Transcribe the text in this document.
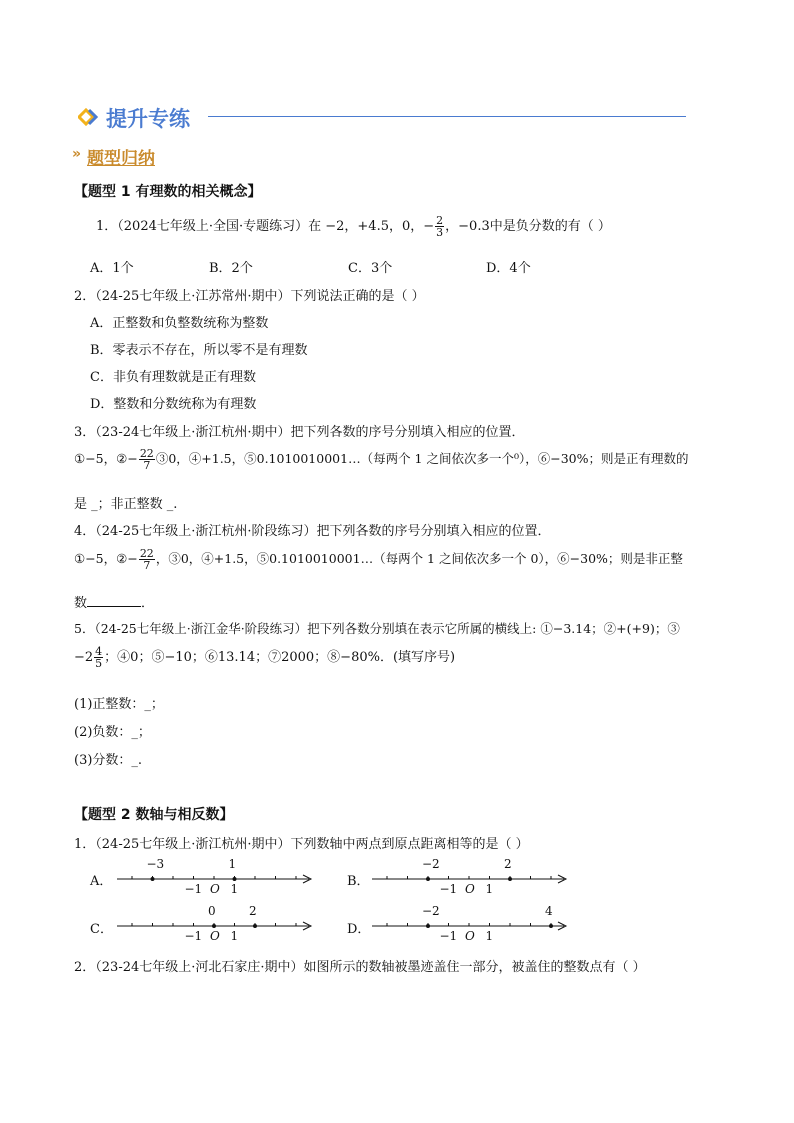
提升专练
» 题型归纳
【题型 1 有理数的相关概念】
1．（2024七年级上·全国·专题练习）在 −2，+4.5，0，− $\frac{2}{3}$ ，−0.3中是负分数的有（ ）
A．1个	B．2个	C．3个	D．4个
2．（24-25七年级上·江苏常州·期中）下列说法正确的是（ ）
A．正整数和负整数统称为整数
B．零表示不存在，所以零不是有理数
C．非负有理数就是正有理数
D．整数和分数统称为有理数
3．（23-24七年级上·浙江杭州·期中）把下列各数的序号分别填入相应的位置．
①−5，②− $\frac{22}{7}$ ③0，④+1.5，⑤0.1010010001…（每两个 1 之间依次多一个⁰），⑥−30%；则是正有理数的
是 _；非正整数 _.
4．（24-25七年级上·浙江杭州·阶段练习）把下列各数的序号分别填入相应的位置．
①−5，②− $\frac{22}{7}$ ，③0，④+1.5，⑤0.1010010001…（每两个 1 之间依次多一个 0），⑥−30%；则是非正整
数	．
5．（24-25七年级上·浙江金华·阶段练习）把下列各数分别填在表示它所属的横线上: ①−3.14；②+(+9)；③
$-2 \frac{4}{5}$ ；④0；⑤−10；⑥13.14；⑦2000；⑧−80%．(填写序号)
(1)正整数：_；
(2)负数：_；
(3)分数：_.
【题型 2 数轴与相反数】
1．（24-25七年级上·浙江杭州·期中）下列数轴中两点到原点距离相等的是（ ）
A．
−3	1
−1 O 1	B．
−2	2
−1 O 1
C．
0	2
−1 O 1	D．
−2	4
−1 O 1
2．（23-24七年级上·河北石家庄·期中）如图所示的数轴被墨迹盖住一部分，被盖住的整数点有（ ）
